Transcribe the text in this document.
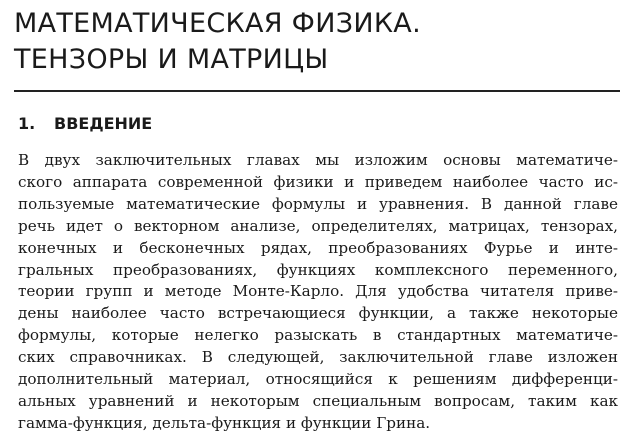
МАТЕМАТИЧЕСКАЯ ФИЗИКА.
ТЕНЗОРЫ И МАТРИЦЫ
1. ВВЕДЕНИЕ
В двух заключительных главах мы изложим основы математиче-
ского аппарата современной физики и приведем наиболее часто ис-
пользуемые математические формулы и уравнения. В данной главе
речь идет о векторном анализе, определителях, матрицах, тензорах,
конечных и бесконечных рядах, преобразованиях Фурье и инте-
гральных преобразованиях, функциях комплексного переменного,
теории групп и методе Монте-Карло. Для удобства читателя приве-
дены наиболее часто встречающиеся функции, а также некоторые
формулы, которые нелегко разыскать в стандартных математиче-
ских справочниках. В следующей, заключительной главе изложен
дополнительный материал, относящийся к решениям дифференци-
альных уравнений и некоторым специальным вопросам, таким как
гамма-функция, дельта-функция и функции Грина.
